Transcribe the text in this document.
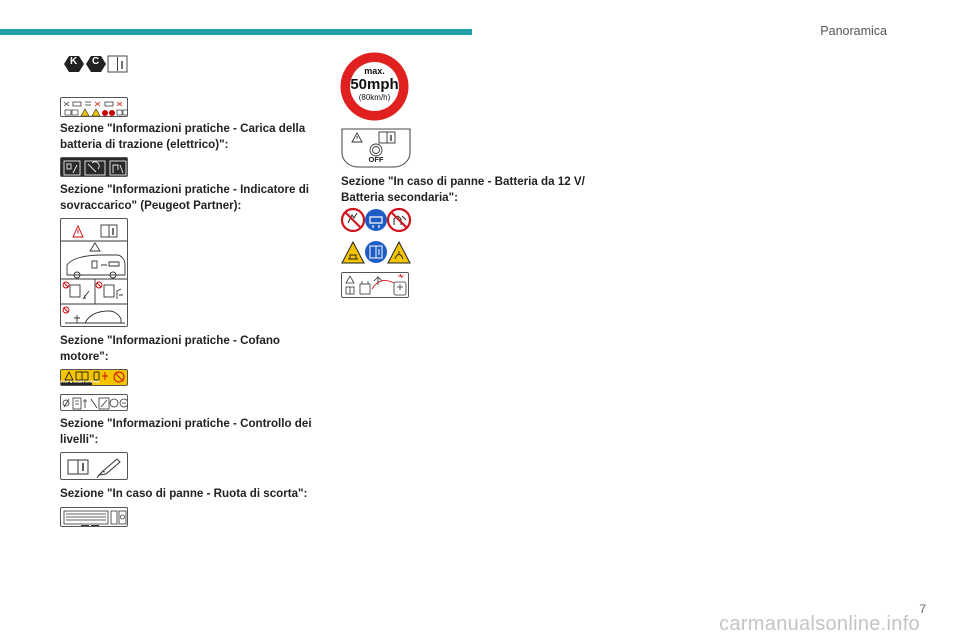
Panoramica
K C
Sezione "Informazioni pratiche - Carica della batteria di trazione (elettrico)":
Sezione "Informazioni pratiche - Indicatore di sovraccarico" (Peugeot Partner):
Sezione "Informazioni pratiche - Cofano motore":
STOP & START SYSTEM
Sezione "Informazioni pratiche - Controllo dei livelli":
Sezione "In caso di panne - Ruota di scorta":
max.
50mph
(80km/h)
OFF
Sezione "In caso di panne - Batteria da 12 V/ Batteria secondaria":
7
carmanualsonline.info
